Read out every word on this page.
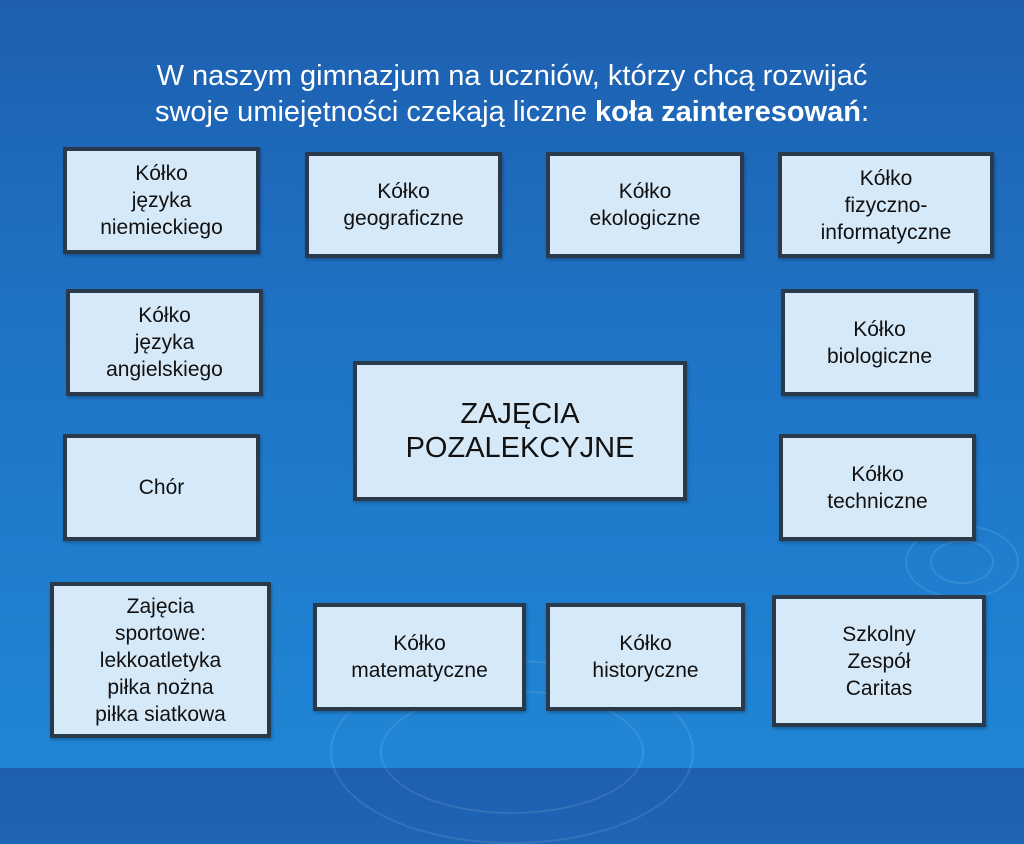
W naszym gimnazjum na uczniów, którzy chcą rozwijać
swoje umiejętności czekają liczne koła zainteresowań:
ZAJĘCIA
POZALEKCYJNE
Kółko
języka
niemieckiego
Kółko
geograficzne
Kółko
ekologiczne
Kółko
fizyczno-
informatyczne
Kółko
języka
angielskiego
Kółko
biologiczne
Chór
Kółko
techniczne
Zajęcia
sportowe:
lekkoatletyka
piłka nożna
piłka siatkowa
Kółko
matematyczne
Kółko
historyczne
Szkolny
Zespół
Caritas
